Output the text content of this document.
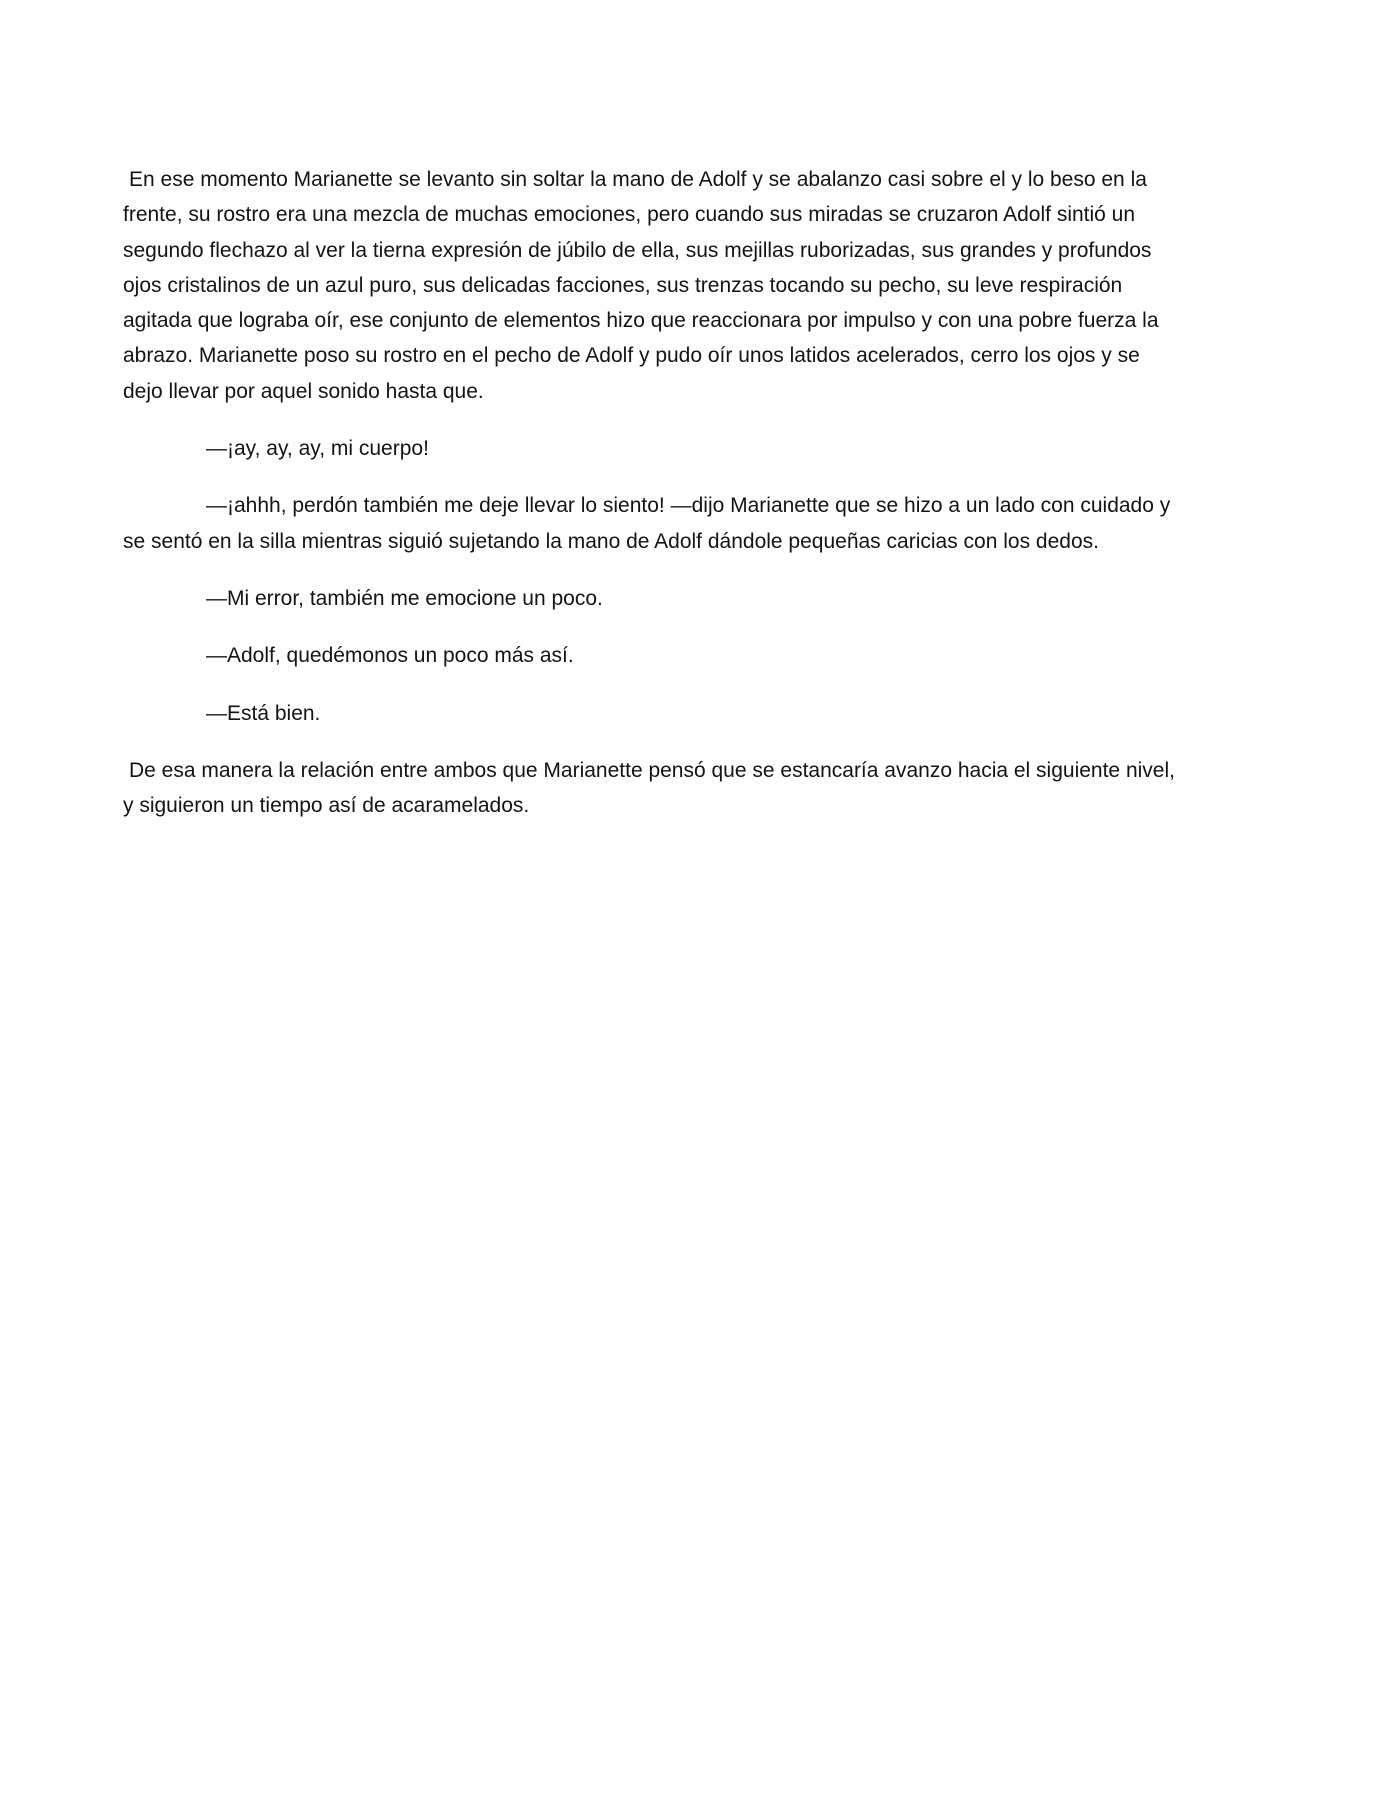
En ese momento Marianette se levanto sin soltar la mano de Adolf y se abalanzo casi sobre el y lo beso en la
frente, su rostro era una mezcla de muchas emociones, pero cuando sus miradas se cruzaron Adolf sintió un
segundo flechazo al ver la tierna expresión de júbilo de ella, sus mejillas ruborizadas, sus grandes y profundos
ojos cristalinos de un azul puro, sus delicadas facciones, sus trenzas tocando su pecho, su leve respiración
agitada que lograba oír, ese conjunto de elementos hizo que reaccionara por impulso y con una pobre fuerza la
abrazo. Marianette poso su rostro en el pecho de Adolf y pudo oír unos latidos acelerados, cerro los ojos y se
dejo llevar por aquel sonido hasta que.

—¡ay, ay, ay, mi cuerpo!

—¡ahhh, perdón también me deje llevar lo siento! —dijo Marianette que se hizo a un lado con cuidado y
se sentó en la silla mientras siguió sujetando la mano de Adolf dándole pequeñas caricias con los dedos.

—Mi error, también me emocione un poco.

—Adolf, quedémonos un poco más así.

—Está bien.

De esa manera la relación entre ambos que Marianette pensó que se estancaría avanzo hacia el siguiente nivel,
y siguieron un tiempo así de acaramelados.
